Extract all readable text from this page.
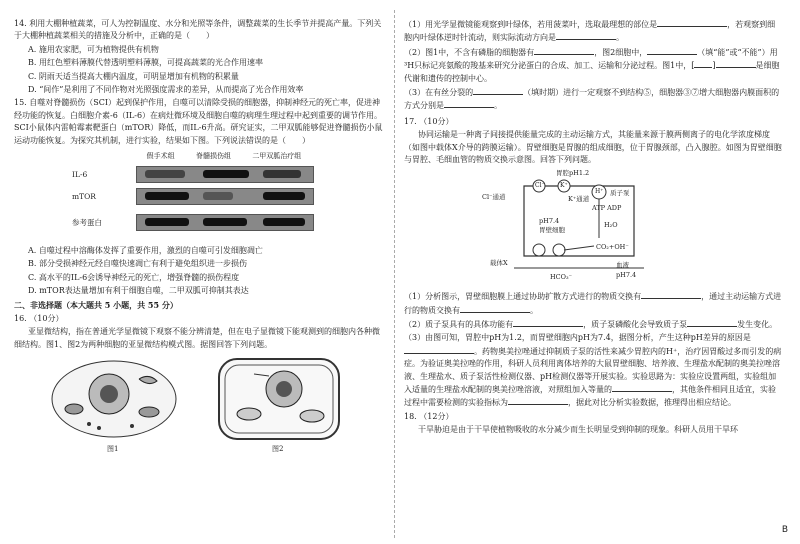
14. 利用大棚种植蔬菜，可人为控制温度、水分和光照等条件，调整蔬菜的生长季节并提高产量。下列关于大棚种植蔬菜相关的措施及分析中，正确的是（　　）

A. 施用农家肥，可为植物提供有机物

B. 用红色塑料薄膜代替透明塑料薄膜，可提高蔬菜的光合作用速率

C. 阴雨天适当提高大棚内温度，可明显增加有机物的积累量

D. “间作”是利用了不同作物对光照强度需求的差异，从而提高了光合作用效率

15. 自噬对脊髓损伤（SCI）起到保护作用，自噬可以清除受损的细胞器，抑制神经元的死亡率，促进神经功能的恢复。白细胞介素-6（IL-6）在病灶微环境及细胞自噬的病理生理过程中起到重要的调节作用。SCI小鼠体内雷帕霉素靶蛋白（mTOR）降低，而IL-6升高。研究证实，二甲双胍能够促进脊髓损伤小鼠运动功能恢复。为探究其机制，进行实验，结果如下图。下列说法错误的是（　　）

假手术组	脊髓损伤组	二甲双胍治疗组
IL-6
mTOR
参考蛋白

A. 自噬过程中溶酶体发挥了重要作用，激烈的自噬可引发细胞凋亡

B. 部分受损神经元经自噬快速凋亡有利于避免组织进一步损伤

C. 高水平的IL-6会诱导神经元的死亡，增强脊髓的损伤程度

D. mTOR表达量增加有利于细胞自噬，二甲双胍可抑制其表达

二、非选择题（本大题共 5 小题，共 55 分）

16. （10分）

亚显微结构，指在普通光学显微镜下观察不能分辨清楚，但在电子显微镜下能观测到的细胞内各种微细结构。图1、图2为两种细胞的亚显微结构模式图。据图回答下列问题。

图1	图2

（1）用光学显微镜能观察到叶绿体，若用菠菜叶，选取最理想的部位是	，若观察到细胞内叶绿体逆时针流动，则实际流动方向是	。

（2）图1中，不含有磷脂的细胞器有	，图2细胞中，	（填“能”或“不能”）用³H只标记亮氨酸的羧基来研究分泌蛋白的合成、加工、运输和分泌过程。图1中，[ ]	是细胞代谢和遗传的控制中心。

（3）在有丝分裂的	（填时期）进行一定观察不到结构⑤，细胞器③⑦增大细胞器内膜面积的方式分别是	。

17. （10分）

协同运输是一种离子间接提供能量完成的主动运输方式，其能量来源于膜两侧离子的电化学浓度梯度（如图中载体X介导的跨膜运输）。胃壁细胞是胃腺的组成细胞，位于胃腺颈部，凸入腺腔。如图为胃壁细胞与胃腔、毛细血管的物质交换示意图。回答下列问题。

胃腔pH1.2
Cl⁻通道	K⁺通道
质子泵
ATP ADP
pH7.4
胃壁细胞
H₂O
CO₂+OH⁻
载体X	血液
pH7.4
HCO₃⁻
Cl⁻	K⁺
H⁺

（1）分析图示，胃壁细胞膜上通过协助扩散方式进行的物质交换有	，通过主动运输方式进行的物质交换有	。

（2）质子泵具有的具体功能有	，质子泵磷酸化会导致质子泵	发生变化。

（3）由图可知，胃腔中pH为1.2，而胃壁细胞内pH为7.4，据图分析，产生这种pH差异的原因是。药物奥美拉唑通过抑制质子泵的活性来减少胃腔内的H⁺，治疗因胃酸过多而引发的病症。为验证奥美拉唑的作用，科研人员利用离体培养的大鼠胃壁细胞、培养液、生理盐水配制的奥美拉唑溶液、生理盐水、质子泵活性检测仪器、pH检测仪器等开展实验。实验思路为：实验应设置两组，实验组加入适量的生理盐水配制的奥美拉唑溶液，对照组加入等量的	，其他条件相同且适宜，实验过程中需要检测的实验指标为	，据此对比分析实验数据，推理得出相应结论。

18. （12分）

干旱胁迫是由于干旱使植物吸收的水分减少而生长明显受到抑制的现象。科研人员用干旱环

B
